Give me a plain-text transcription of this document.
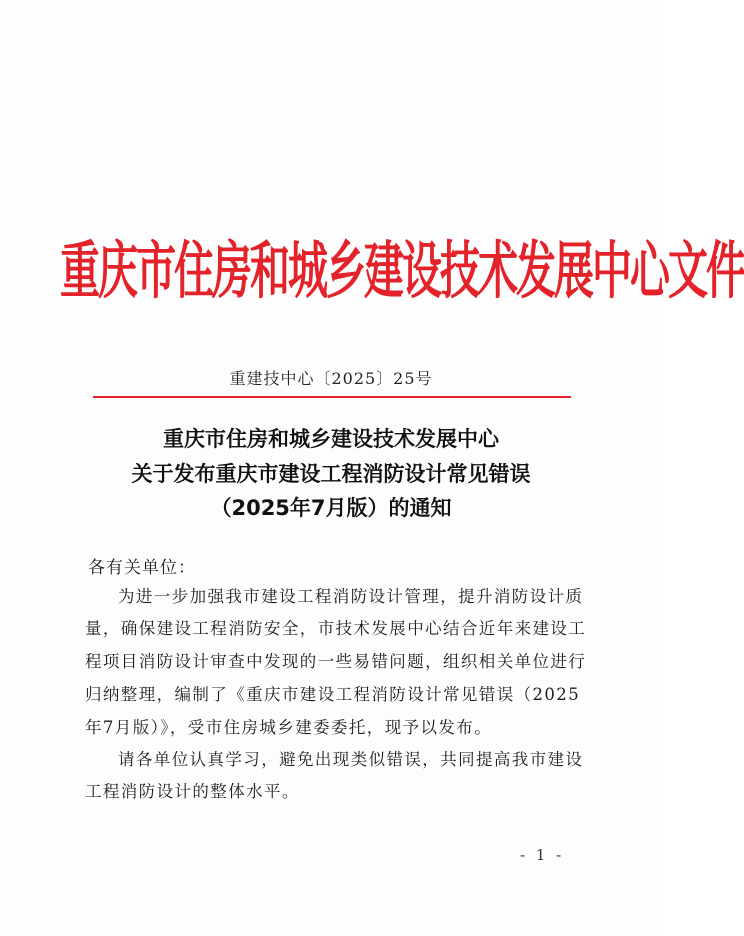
重庆市住房和城乡建设技术发展中心文件
重建技中心〔2025〕25号
重庆市住房和城乡建设技术发展中心
关于发布重庆市建设工程消防设计常见错误
（2025年7月版）的通知
各有关单位：
为进一步加强我市建设工程消防设计管理，提升消防设计质
量，确保建设工程消防安全，市技术发展中心结合近年来建设工
程项目消防设计审查中发现的一些易错问题，组织相关单位进行
归纳整理，编制了《重庆市建设工程消防设计常见错误（2025
年7月版）》，受市住房城乡建委委托，现予以发布。
请各单位认真学习，避免出现类似错误，共同提高我市建设
工程消防设计的整体水平。
- 1 -
